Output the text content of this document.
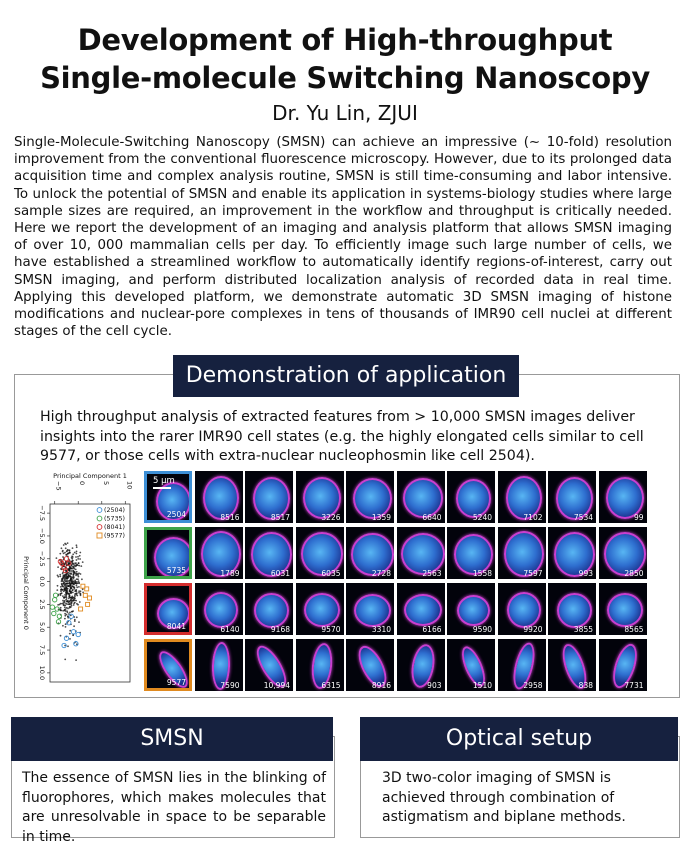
Development of High-throughput
Single-molecule Switching Nanoscopy
Dr. Yu Lin, ZJUI
Single-Molecule-Switching Nanoscopy (SMSN) can achieve an impressive (~ 10-fold) resolution improvement from the conventional fluorescence microscopy. However, due to its prolonged data acquisition time and complex analysis routine, SMSN is still time-consuming and labor intensive. To unlock the potential of SMSN and enable its application in systems-biology studies where large sample sizes are required, an improvement in the workflow and throughput is critically needed. Here we report the development of an imaging and analysis platform that allows SMSN imaging of over 10, 000 mammalian cells per day. To efficiently image such large number of cells, we have established a streamlined workflow to automatically identify regions-of-interest, carry out SMSN imaging, and perform distributed localization analysis of recorded data in real time. Applying this developed platform, we demonstrate automatic 3D SMSN imaging of histone modifications and nuclear-pore complexes in tens of thousands of IMR90 cell nuclei at different stages of the cell cycle.
Demonstration of application
High throughput analysis of extracted features from > 10,000 SMSN images deliver insights into the rarer IMR90 cell states (e.g. the highly elongated cells similar to cell 9577, or those cells with extra-nuclear nucleophosmin like cell 2504).
Principal Component 1
Principal Component 0
−5 0 5 10
−7.5
−5.0
−2.5
0.0
2.5
5.0
7.5
10.0
(2504)
(5735)
(8041)
(9577)
2504
5 µm
8516	8517	3226	1359	6640	5240	7102	7534	99
5735	1789	6031	6035	2728	2563	1558	7597	993	2850
8041	6140	9168	9570	3310	6166	9590	9920	3855	8565
9577	7590	10,994	6315	8916	903	1510	2958	838	7731
SMSN
The essence of SMSN lies in the blinking of fluorophores, which makes molecules that are unresolvable in space to be separable in time.
Optical setup
3D two-color imaging of SMSN is achieved through combination of astigmatism and biplane methods.
